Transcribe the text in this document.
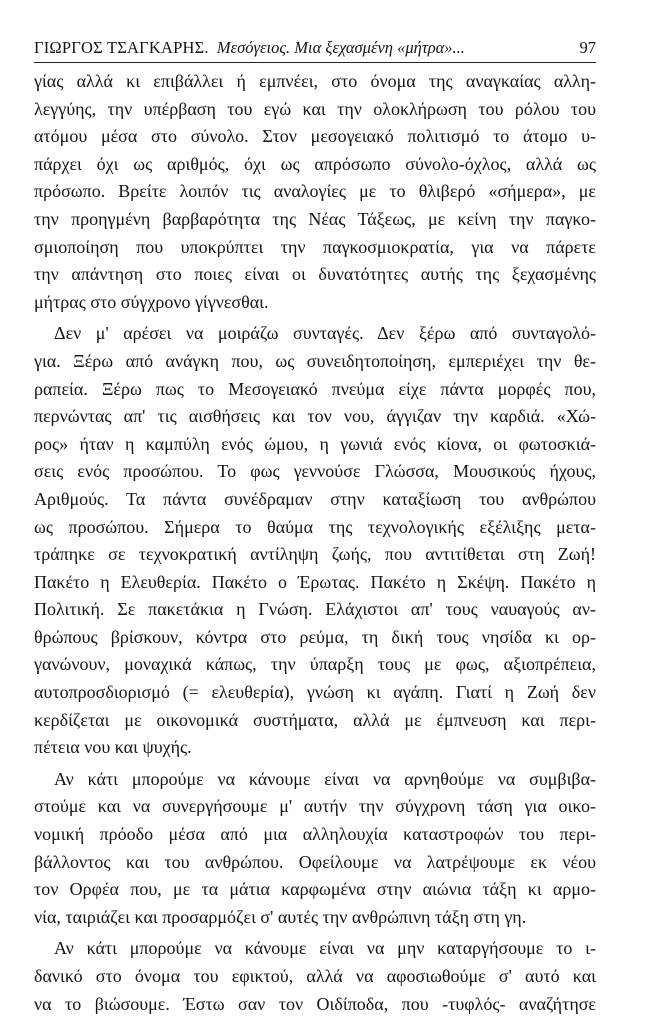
ΓΙΩΡΓΟΣ ΤΣΑΓΚΑΡΗΣ. Μεσόγειος. Μια ξεχασμένη «μήτρα»...	97

γίας αλλά κι επιβάλλει ή εμπνέει, στο όνομα της αναγκαίας αλλη-
λεγγύης, την υπέρβαση του εγώ και την ολοκλήρωση του ρόλου του
ατόμου μέσα στο σύνολο. Στον μεσογειακό πολιτισμό το άτομο υ-
πάρχει όχι ως αριθμός, όχι ως απρόσωπο σύνολο-όχλος, αλλά ως
πρόσωπο. Βρείτε λοιπόν τις αναλογίες με το θλιβερό «σήμερα», με
την προηγμένη βαρβαρότητα της Νέας Τάξεως, με κείνη την παγκο-
σμιοποίηση που υποκρύπτει την παγκοσμιοκρατία, για να πάρετε
την απάντηση στο ποιες είναι οι δυνατότητες αυτής της ξεχασμένης
μήτρας στο σύγχρονο γίγνεσθαι.

Δεν μ' αρέσει να μοιράζω συνταγές. Δεν ξέρω από συνταγολό-
για. Ξέρω από ανάγκη που, ως συνειδητοποίηση, εμπεριέχει την θε-
ραπεία. Ξέρω πως το Μεσογειακό πνεύμα είχε πάντα μορφές που,
περνώντας απ' τις αισθήσεις και τον νου, άγγιζαν την καρδιά. «Χώ-
ρος» ήταν η καμπύλη ενός ώμου, η γωνιά ενός κίονα, οι φωτοσκιά-
σεις ενός προσώπου. Το φως γεννούσε Γλώσσα, Μουσικούς ήχους,
Αριθμούς. Τα πάντα συνέδραμαν στην καταξίωση του ανθρώπου
ως προσώπου. Σήμερα το θαύμα της τεχνολογικής εξέλιξης μετα-
τράπηκε σε τεχνοκρατική αντίληψη ζωής, που αντιτίθεται στη Ζωή!
Πακέτο η Ελευθερία. Πακέτο ο Έρωτας. Πακέτο η Σκέψη. Πακέτο η
Πολιτική. Σε πακετάκια η Γνώση. Ελάχιστοι απ' τους ναυαγούς αν-
θρώπους βρίσκουν, κόντρα στο ρεύμα, τη δική τους νησίδα κι ορ-
γανώνουν, μοναχικά κάπως, την ύπαρξη τους με φως, αξιοπρέπεια,
αυτοπροσδιορισμό (= ελευθερία), γνώση κι αγάπη. Γιατί η Ζωή δεν
κερδίζεται με οικονομικά συστήματα, αλλά με έμπνευση και περι-
πέτεια νου και ψυχής.

Αν κάτι μπορούμε να κάνουμε είναι να αρνηθούμε να συμβιβα-
στούμε και να συνεργήσουμε μ' αυτήν την σύγχρονη τάση για οικο-
νομική πρόοδο μέσα από μια αλληλουχία καταστροφών του περι-
βάλλοντος και του ανθρώπου. Οφείλουμε να λατρέψουμε εκ νέου
τον Ορφέα που, με τα μάτια καρφωμένα στην αιώνια τάξη κι αρμο-
νία, ταιριάζει και προσαρμόζει σ' αυτές την ανθρώπινη τάξη στη γη.

Αν κάτι μπορούμε να κάνουμε είναι να μην καταργήσουμε το ι-
δανικό στο όνομα του εφικτού, αλλά να αφοσιωθούμε σ' αυτό και
να το βιώσουμε. Έστω σαν τον Οιδίποδα, που -τυφλός- αναζήτησε
